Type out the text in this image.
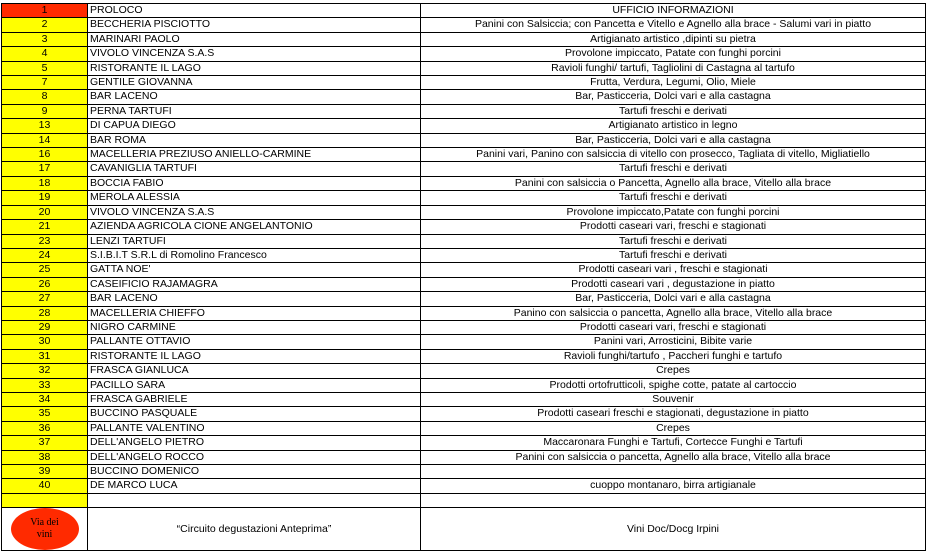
1	PROLOCO	UFFICIO INFORMAZIONI
2	BECCHERIA PISCIOTTO	Panini con Salsiccia; con Pancetta e Vitello e Agnello alla brace - Salumi vari in piatto
3	MARINARI PAOLO	Artigianato artistico ,dipinti su pietra
4	VIVOLO VINCENZA S.A.S	Provolone impiccato, Patate con funghi porcini
5	RISTORANTE IL LAGO	Ravioli funghi/ tartufi, Tagliolini di Castagna al tartufo
7	GENTILE GIOVANNA	Frutta, Verdura, Legumi, Olio, Miele
8	BAR LACENO	Bar, Pasticceria, Dolci vari e alla castagna
9	PERNA TARTUFI	Tartufi freschi e derivati
13	DI CAPUA DIEGO	Artigianato artistico in legno
14	BAR ROMA	Bar, Pasticceria, Dolci vari e alla castagna
16	MACELLERIA PREZIUSO ANIELLO-CARMINE	Panini vari, Panino con salsiccia di vitello con prosecco, Tagliata di vitello, Migliatiello
17	CAVANIGLIA TARTUFI	Tartufi freschi e derivati
18	BOCCIA FABIO	Panini con salsiccia o Pancetta, Agnello alla brace, Vitello alla brace
19	MEROLA ALESSIA	Tartufi freschi e derivati
20	VIVOLO VINCENZA S.A.S	Provolone impiccato,Patate con funghi porcini
21	AZIENDA AGRICOLA CIONE ANGELANTONIO	Prodotti caseari vari, freschi e stagionati
23	LENZI TARTUFI	Tartufi freschi e derivati
24	S.I.B.I.T S.R.L di Romolino Francesco	Tartufi freschi e derivati
25	GATTA NOE'	Prodotti caseari vari , freschi e stagionati
26	CASEIFICIO RAJAMAGRA	Prodotti caseari vari , degustazione in piatto
27	BAR LACENO	Bar, Pasticceria, Dolci vari e alla castagna
28	MACELLERIA CHIEFFO	Panino con salsiccia o pancetta, Agnello alla brace, Vitello alla brace
29	NIGRO CARMINE	Prodotti caseari vari, freschi e stagionati
30	PALLANTE OTTAVIO	Panini vari, Arrosticini, Bibite varie
31	RISTORANTE IL LAGO	Ravioli funghi/tartufo , Paccheri funghi e tartufo
32	FRASCA GIANLUCA	Crepes
33	PACILLO SARA	Prodotti ortofrutticoli, spighe cotte, patate al cartoccio
34	FRASCA GABRIELE	Souvenir
35	BUCCINO PASQUALE	Prodotti caseari freschi e stagionati, degustazione in piatto
36	PALLANTE VALENTINO	Crepes
37	DELL'ANGELO PIETRO	Maccaronara Funghi e Tartufi, Cortecce Funghi e Tartufi
38	DELL'ANGELO ROCCO	Panini con salsiccia o pancetta, Agnello alla brace, Vitello alla brace
39	BUCCINO DOMENICO	
40	DE MARCO LUCA	cuoppo montanaro, birra artigianale

Via dei
vini	“Circuito degustazioni Anteprima”	Vini Doc/Docg Irpini
